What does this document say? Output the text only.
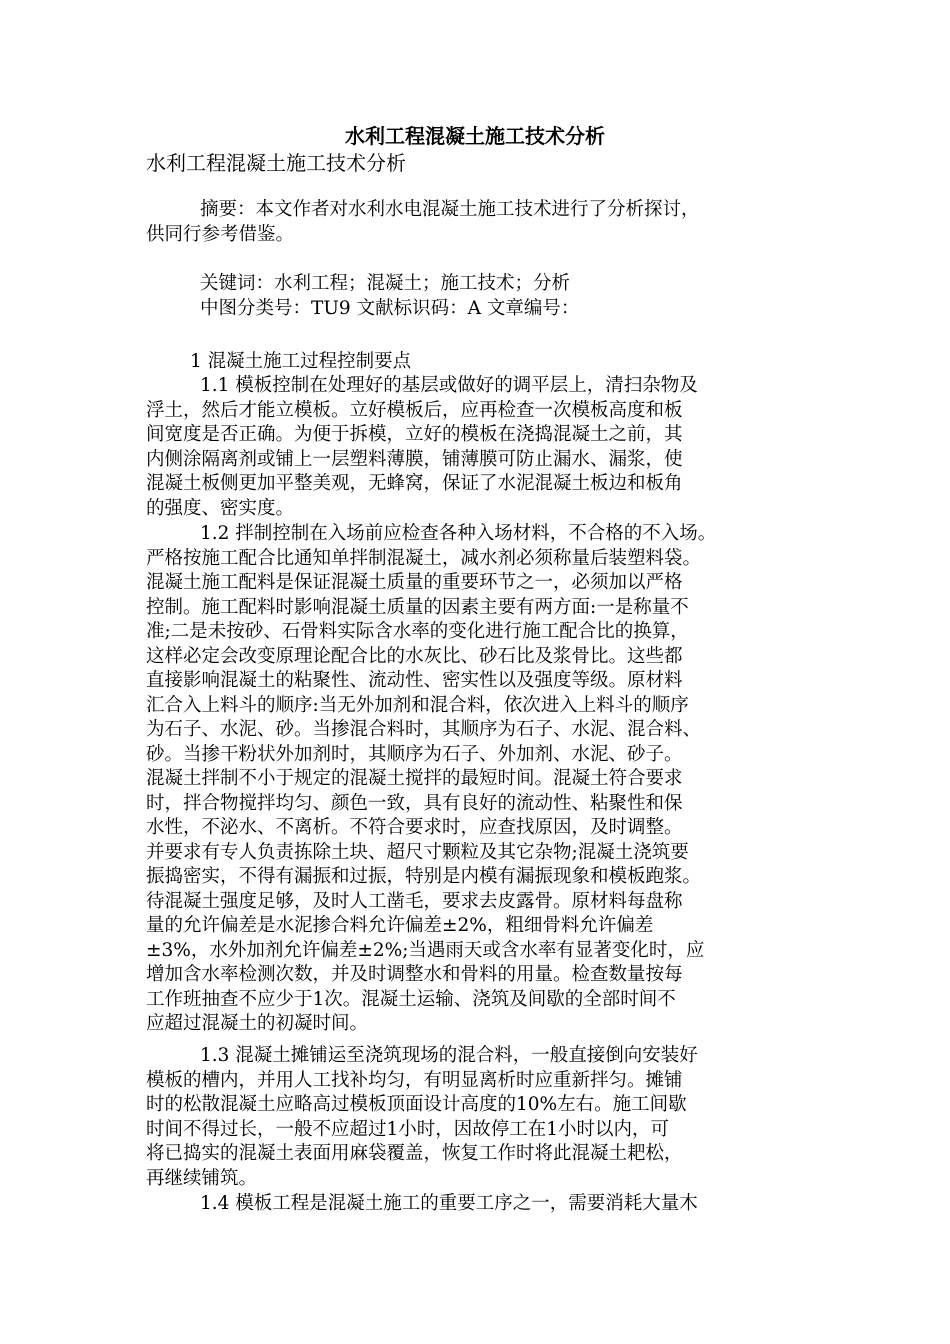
水利工程混凝土施工技术分析
水利工程混凝土施工技术分析
摘要：本文作者对水利水电混凝土施工技术进行了分析探讨，
供同行参考借鉴。
关键词：水利工程；混凝土；施工技术；分析
中图分类号：TU9 文献标识码：A 文章编号：
1 混凝土施工过程控制要点
1.1 模板控制在处理好的基层或做好的调平层上，清扫杂物及
浮土，然后才能立模板。立好模板后，应再检查一次模板高度和板
间宽度是否正确。为便于拆模，立好的模板在浇捣混凝土之前，其
内侧涂隔离剂或铺上一层塑料薄膜，铺薄膜可防止漏水、漏浆，使
混凝土板侧更加平整美观，无蜂窝，保证了水泥混凝土板边和板角
的强度、密实度。
1.2 拌制控制在入场前应检查各种入场材料，不合格的不入场。
严格按施工配合比通知单拌制混凝土，减水剂必须称量后装塑料袋。
混凝土施工配料是保证混凝土质量的重要环节之一，必须加以严格
控制。施工配料时影响混凝土质量的因素主要有两方面:一是称量不
准;二是未按砂、石骨料实际含水率的变化进行施工配合比的换算，
这样必定会改变原理论配合比的水灰比、砂石比及浆骨比。这些都
直接影响混凝土的粘聚性、流动性、密实性以及强度等级。原材料
汇合入上料斗的顺序:当无外加剂和混合料，依次进入上料斗的顺序
为石子、水泥、砂。当掺混合料时，其顺序为石子、水泥、混合料、
砂。当掺干粉状外加剂时，其顺序为石子、外加剂、水泥、砂子。
混凝土拌制不小于规定的混凝土搅拌的最短时间。混凝土符合要求
时，拌合物搅拌均匀、颜色一致，具有良好的流动性、粘聚性和保
水性，不泌水、不离析。不符合要求时，应查找原因，及时调整。
并要求有专人负责拣除土块、超尺寸颗粒及其它杂物;混凝土浇筑要
振捣密实，不得有漏振和过振，特别是内模有漏振现象和模板跑浆。
待混凝土强度足够，及时人工凿毛，要求去皮露骨。原材料每盘称
量的允许偏差是水泥掺合料允许偏差±2%，粗细骨料允许偏差
±3%，水外加剂允许偏差±2%;当遇雨天或含水率有显著变化时，应
增加含水率检测次数，并及时调整水和骨料的用量。检查数量按每
工作班抽查不应少于1次。混凝土运输、浇筑及间歇的全部时间不
应超过混凝土的初凝时间。
1.3 混凝土摊铺运至浇筑现场的混合料，一般直接倒向安装好
模板的槽内，并用人工找补均匀，有明显离析时应重新拌匀。摊铺
时的松散混凝土应略高过模板顶面设计高度的10%左右。施工间歇
时间不得过长，一般不应超过1小时，因故停工在1小时以内，可
将已捣实的混凝土表面用麻袋覆盖，恢复工作时将此混凝土耙松，
再继续铺筑。
1.4 模板工程是混凝土施工的重要工序之一，需要消耗大量木
